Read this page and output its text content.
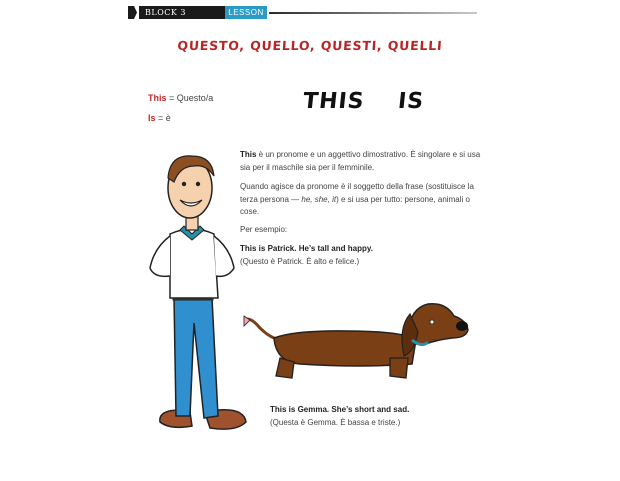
BLOCK 3	LESSON
QUESTO, QUELLO, QUESTI, QUELLI
This = Questo/a
Is = è
THIS IS
This è un pronome e un aggettivo dimostrativo. È singolare e si usa sia per il maschile sia per il femminile.
Quando agisce da pronome è il soggetto della frase (sostituisce la terza persona — he, she, it) e si usa per tutto: persone, animali o cose.
Per esempio:
This is Patrick. He’s tall and happy.
(Questo è Patrick. È alto e felice.)
This is Gemma. She’s short and sad.
(Questa è Gemma. È bassa e triste.)
